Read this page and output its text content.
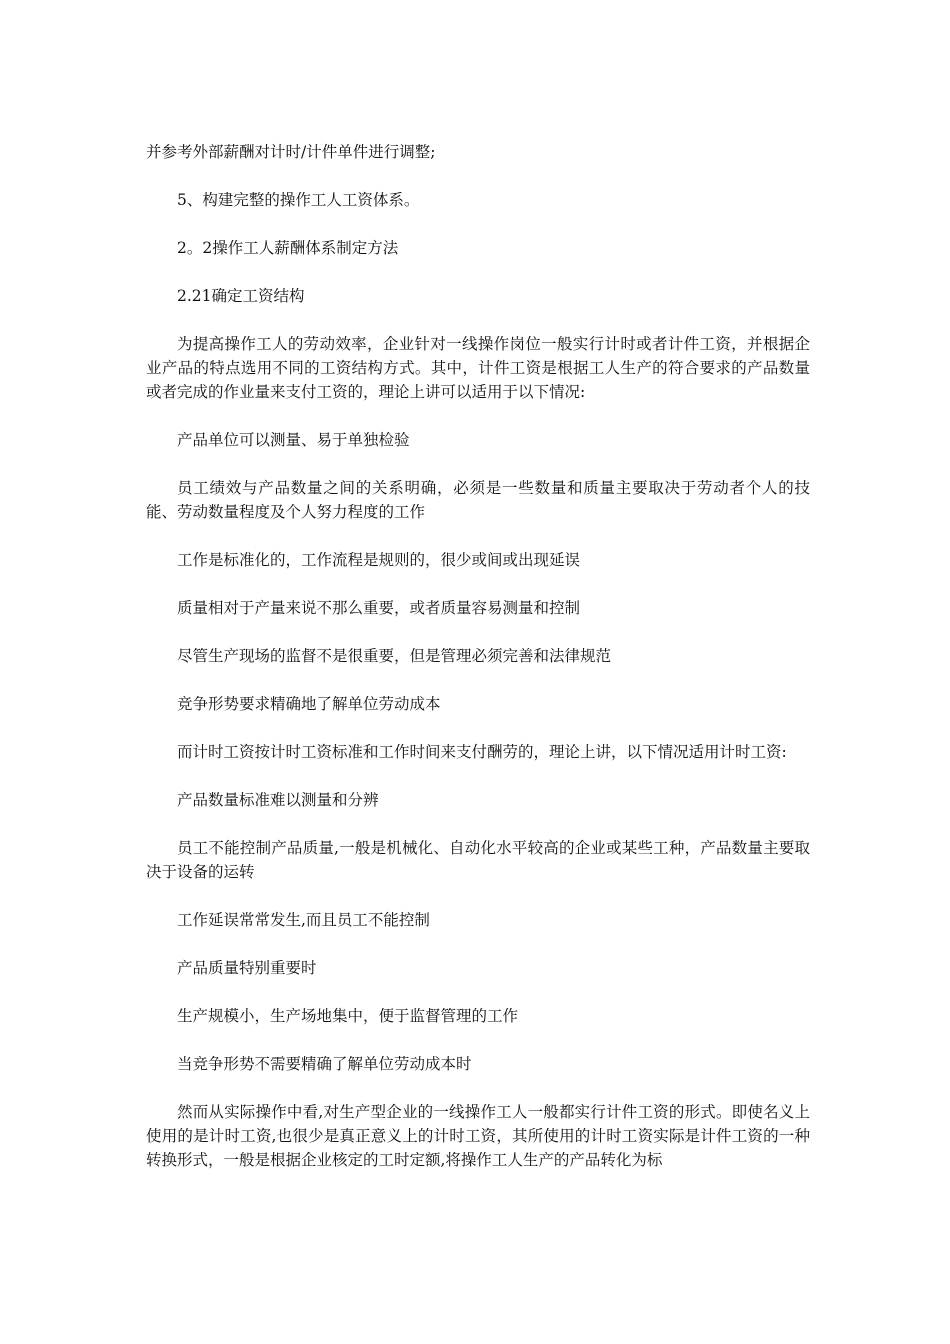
并参考外部薪酬对计时/计件单件进行调整;

5、构建完整的操作工人工资体系。

2。2操作工人薪酬体系制定方法

2.21确定工资结构

为提高操作工人的劳动效率，企业针对一线操作岗位一般实行计时或者计件工资，并根据企业产品的特点选用不同的工资结构方式。其中，计件工资是根据工人生产的符合要求的产品数量或者完成的作业量来支付工资的，理论上讲可以适用于以下情况:

产品单位可以测量、易于单独检验

员工绩效与产品数量之间的关系明确，必须是一些数量和质量主要取决于劳动者个人的技能、劳动数量程度及个人努力程度的工作

工作是标准化的，工作流程是规则的，很少或间或出现延误

质量相对于产量来说不那么重要，或者质量容易测量和控制

尽管生产现场的监督不是很重要，但是管理必须完善和法律规范

竞争形势要求精确地了解单位劳动成本

而计时工资按计时工资标准和工作时间来支付酬劳的，理论上讲，以下情况适用计时工资:

产品数量标准难以测量和分辨

员工不能控制产品质量,一般是机械化、自动化水平较高的企业或某些工种，产品数量主要取决于设备的运转

工作延误常常发生,而且员工不能控制

产品质量特别重要时

生产规模小，生产场地集中，便于监督管理的工作

当竞争形势不需要精确了解单位劳动成本时

然而从实际操作中看,对生产型企业的一线操作工人一般都实行计件工资的形式。即使名义上使用的是计时工资,也很少是真正意义上的计时工资，其所使用的计时工资实际是计件工资的一种转换形式，一般是根据企业核定的工时定额,将操作工人生产的产品转化为标
